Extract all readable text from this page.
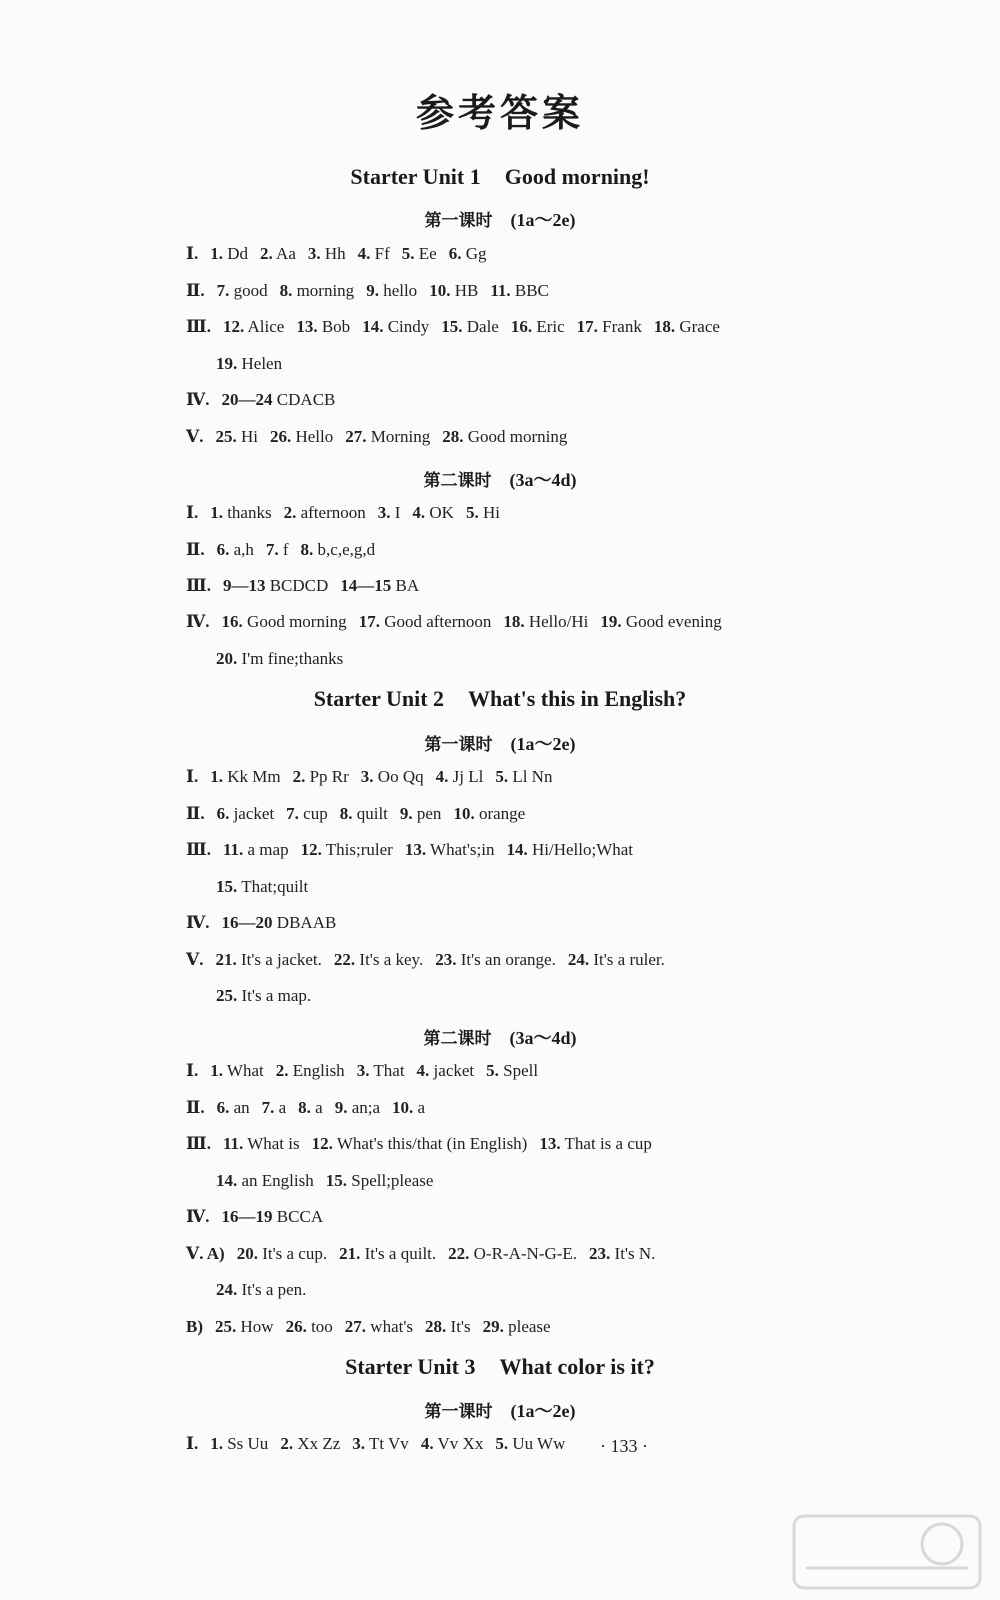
参考答案
Starter Unit 1 Good morning!
第一课时 (1a～2e)
Ⅰ. 1. Dd 2. Aa 3. Hh 4. Ff 5. Ee 6. Gg
Ⅱ. 7. good 8. morning 9. hello 10. HB 11. BBC
Ⅲ. 12. Alice 13. Bob 14. Cindy 15. Dale 16. Eric 17. Frank 18. Grace
19. Helen
Ⅳ. 20—24 CDACB
Ⅴ. 25. Hi 26. Hello 27. Morning 28. Good morning
第二课时 (3a～4d)
Ⅰ. 1. thanks 2. afternoon 3. I 4. OK 5. Hi
Ⅱ. 6. a,h 7. f 8. b,c,e,g,d
Ⅲ. 9—13 BCDCD 14—15 BA
Ⅳ. 16. Good morning 17. Good afternoon 18. Hello/Hi 19. Good evening
20. I'm fine;thanks
Starter Unit 2 What's this in English?
第一课时 (1a～2e)
Ⅰ. 1. Kk Mm 2. Pp Rr 3. Oo Qq 4. Jj Ll 5. Ll Nn
Ⅱ. 6. jacket 7. cup 8. quilt 9. pen 10. orange
Ⅲ. 11. a map 12. This;ruler 13. What's;in 14. Hi/Hello;What
15. That;quilt
Ⅳ. 16—20 DBAAB
Ⅴ. 21. It's a jacket. 22. It's a key. 23. It's an orange. 24. It's a ruler.
25. It's a map.
第二课时 (3a～4d)
Ⅰ. 1. What 2. English 3. That 4. jacket 5. Spell
Ⅱ. 6. an 7. a 8. a 9. an;a 10. a
Ⅲ. 11. What is 12. What's this/that (in English) 13. That is a cup
14. an English 15. Spell;please
Ⅳ. 16—19 BCCA
Ⅴ. A) 20. It's a cup. 21. It's a quilt. 22. O-R-A-N-G-E. 23. It's N.
24. It's a pen.
B) 25. How 26. too 27. what's 28. It's 29. please
Starter Unit 3 What color is it?
第一课时 (1a～2e)
Ⅰ. 1. Ss Uu 2. Xx Zz 3. Tt Vv 4. Vv Xx 5. Uu Ww · 133 ·
